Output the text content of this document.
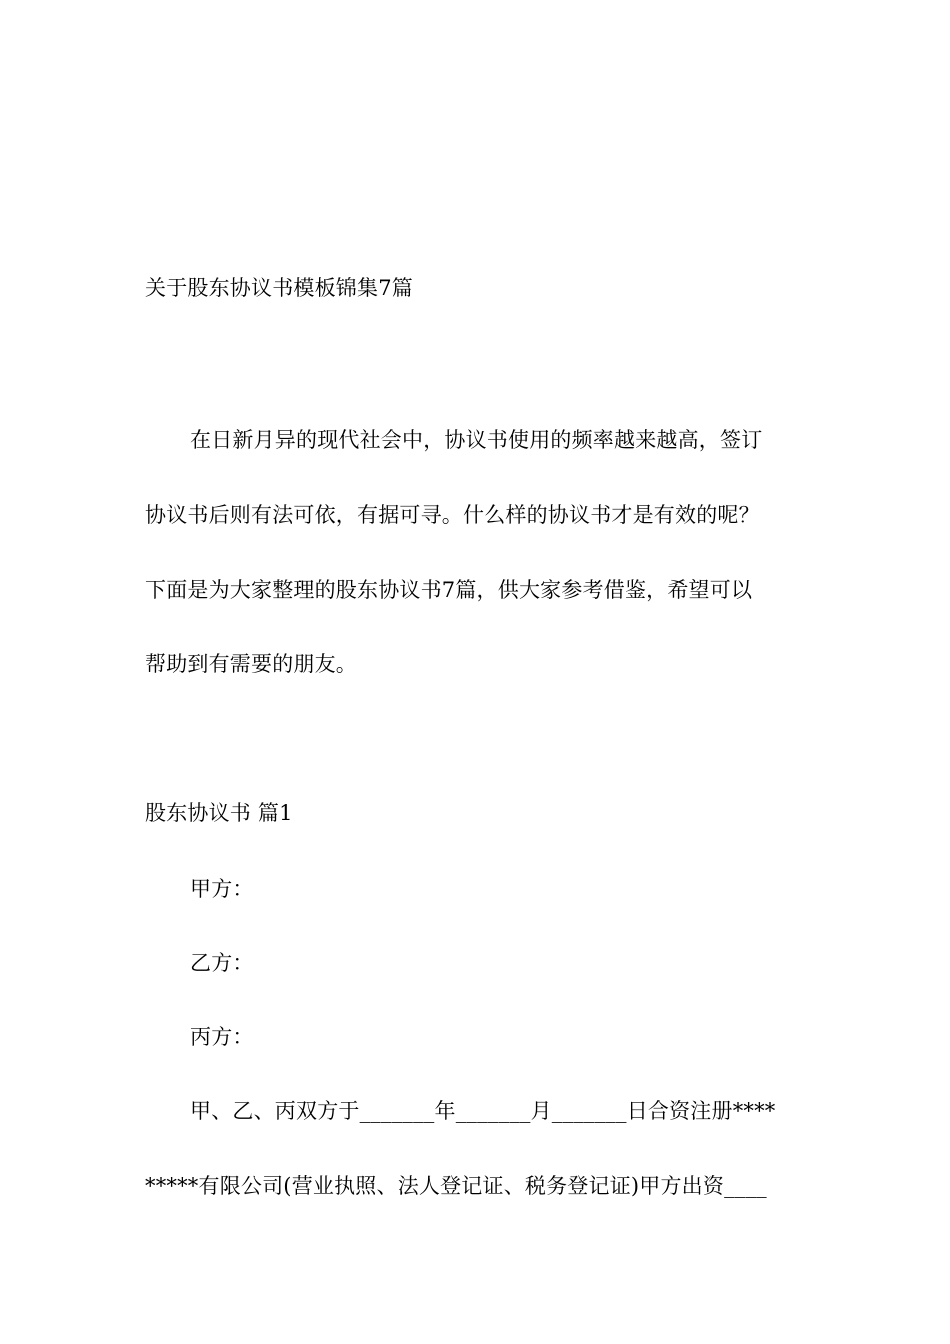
关于股东协议书模板锦集7篇
在日新月异的现代社会中，协议书使用的频率越来越高，签订
协议书后则有法可依，有据可寻。什么样的协议书才是有效的呢？
下面是为大家整理的股东协议书7篇，供大家参考借鉴，希望可以
帮助到有需要的朋友。
股东协议书 篇1
甲方：
乙方：
丙方：
甲、乙、丙双方于_______年_______月_______日合资注册****
*****有限公司(营业执照、法人登记证、税务登记证)甲方出资____
